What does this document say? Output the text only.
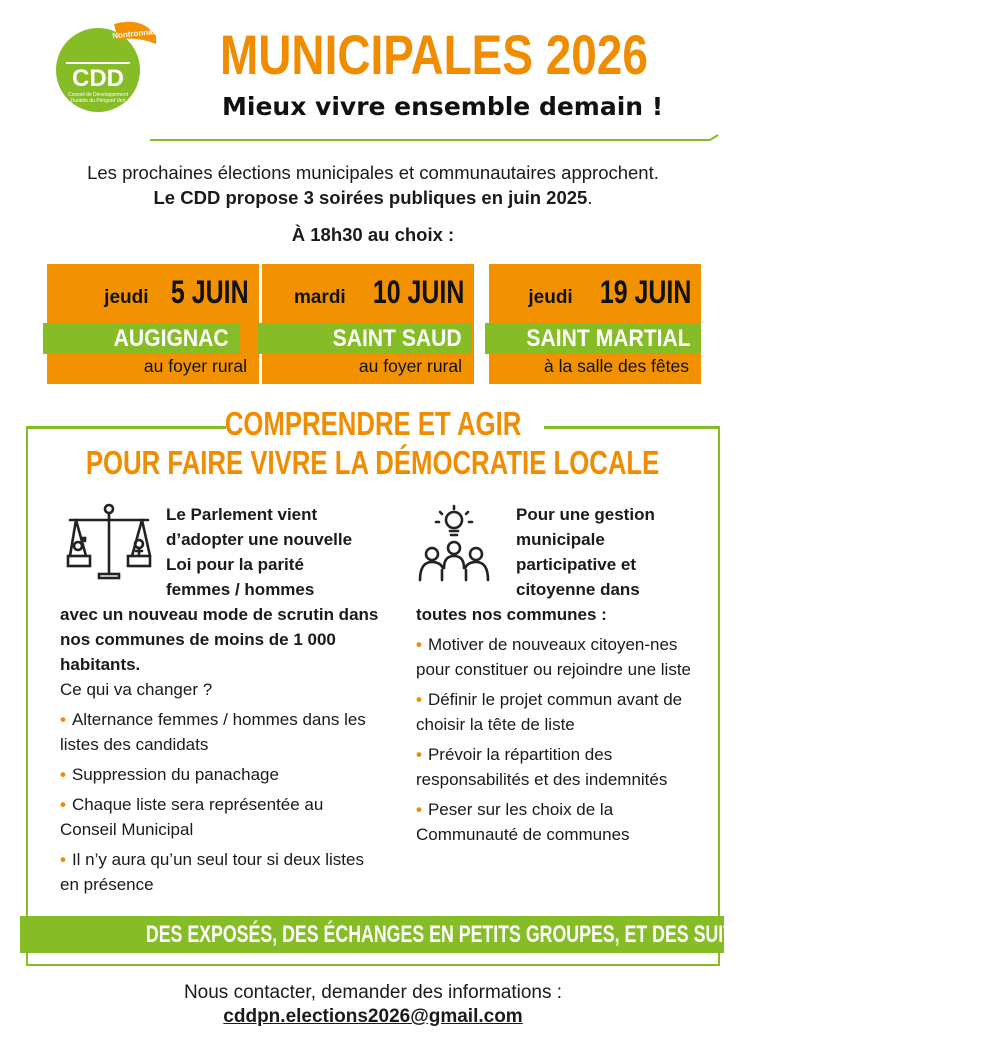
Nontronnais
CDD
Conseil de Développement
Durable du Périgord Vert
MUNICIPALES 2026
Mieux vivre ensemble demain !
Les prochaines élections municipales et communautaires approchent.
Le CDD propose 3 soirées publiques en juin 2025.
À 18h30 au choix :
jeudi 5 JUIN
AUGIGNAC
au foyer rural
mardi 10 JUIN
SAINT SAUD
au foyer rural
jeudi 19 JUIN
SAINT MARTIAL
à la salle des fêtes
COMPRENDRE ET AGIR
POUR FAIRE VIVRE LA DÉMOCRATIE LOCALE
Le Parlement vient
d’adopter une nouvelle
Loi pour la parité
femmes / hommes
avec un nouveau mode de scrutin dans nos communes de moins de 1 000 habitants.
Ce qui va changer ?
• Alternance femmes / hommes dans les listes des candidats
• Suppression du panachage
• Chaque liste sera représentée au Conseil Municipal
• Il n’y aura qu’un seul tour si deux listes en présence
Pour une gestion
municipale
participative et
citoyenne dans
toutes nos communes :
• Motiver de nouveaux citoyen-nes pour constituer ou rejoindre une liste
• Définir le projet commun avant de choisir la tête de liste
• Prévoir la répartition des responsabilités et des indemnités
• Peser sur les choix de la Communauté de communes
DES EXPOSÉS, DES ÉCHANGES EN PETITS GROUPES, ET DES SUITES À DONNER.
Nous contacter, demander des informations :
cddpn.elections2026@gmail.com
